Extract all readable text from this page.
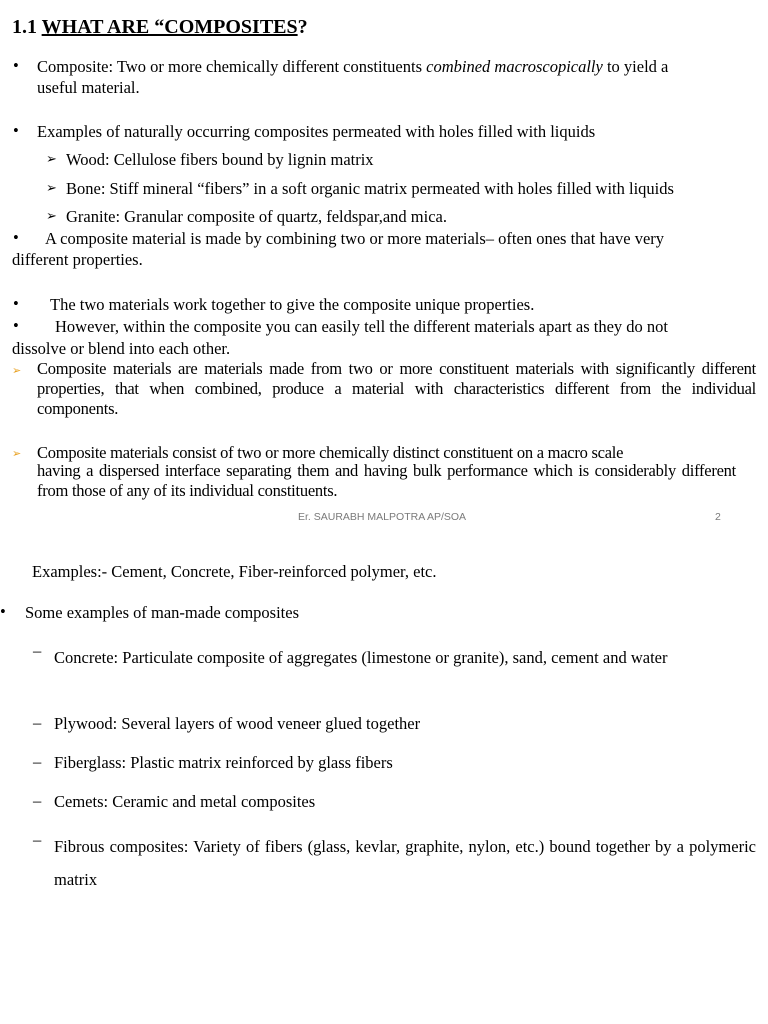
1.1 WHAT ARE “COMPOSITES?
• Composite: Two or more chemically different constituents combined macroscopically to yield a
useful material.
• Examples of naturally occurring composites permeated with holes filled with liquids
➢ Wood: Cellulose fibers bound by lignin matrix
➢ Bone: Stiff mineral “fibers” in a soft organic matrix permeated with holes filled with liquids
➢ Granite: Granular composite of quartz, feldspar,and mica.
• A composite material is made by combining two or more materials– often ones that have very
different properties.
• The two materials work together to give the composite unique properties.
• However, within the composite you can easily tell the different materials apart as they do not
dissolve or blend into each other.
➢ Composite materials are materials made from two or more constituent materials with significantly different properties, that when combined, produce a material with characteristics different from the individual components.
➢ Composite materials consist of two or more chemically distinct constituent on a macro scale
having a dispersed interface separating them and having bulk performance which is considerably different from those of any of its individual constituents.
Er. SAURABH MALPOTRA AP/SOA	2
Examples:- Cement, Concrete, Fiber-reinforced polymer, etc.
• Some examples of man-made composites
– Concrete: Particulate composite of aggregates (limestone or granite), sand, cement and water
– Plywood: Several layers of wood veneer glued together
– Fiberglass: Plastic matrix reinforced by glass fibers
– Cemets: Ceramic and metal composites
– Fibrous composites: Variety of fibers (glass, kevlar, graphite, nylon, etc.) bound together by a polymeric matrix
